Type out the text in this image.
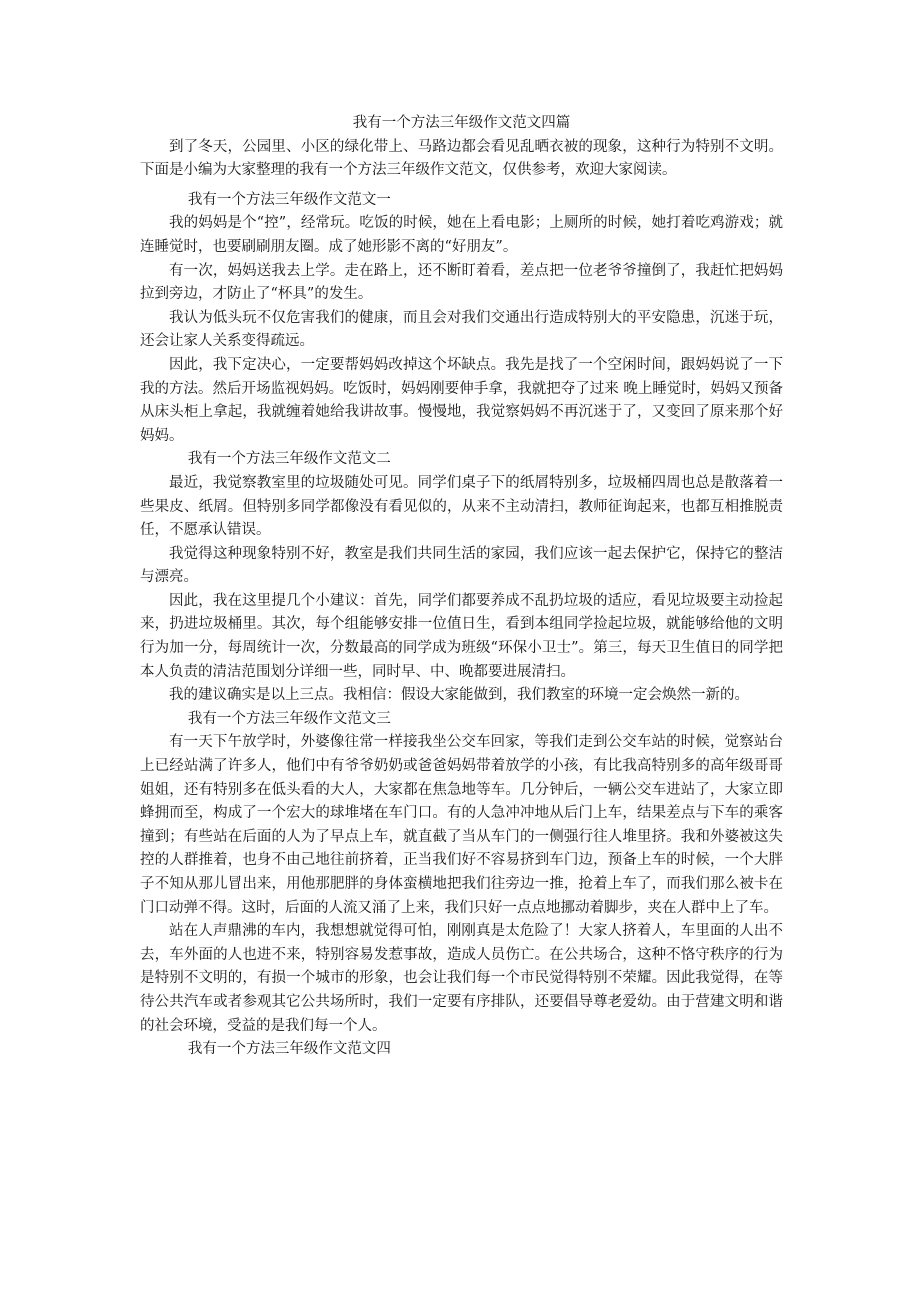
我有一个方法三年级作文范文四篇

到了冬天，公园里、小区的绿化带上、马路边都会看见乱晒衣被的现象，这种行为特别不文明。下面是小编为大家整理的我有一个方法三年级作文范文，仅供参考，欢迎大家阅读。

我有一个方法三年级作文范文一

我的妈妈是个“控”，经常玩。吃饭的时候，她在上看电影；上厕所的时候，她打着吃鸡游戏；就连睡觉时，也要刷刷朋友圈。成了她形影不离的“好朋友”。

有一次，妈妈送我去上学。走在路上，还不断盯着看，差点把一位老爷爷撞倒了，我赶忙把妈妈拉到旁边，才防止了“杯具”的发生。

我认为低头玩不仅危害我们的健康，而且会对我们交通出行造成特别大的平安隐患，沉迷于玩，还会让家人关系变得疏远。

因此，我下定决心，一定要帮妈妈改掉这个坏缺点。我先是找了一个空闲时间，跟妈妈说了一下我的方法。然后开场监视妈妈。吃饭时，妈妈刚要伸手拿，我就把夺了过来 晚上睡觉时，妈妈又预备从床头柜上拿起，我就缠着她给我讲故事。慢慢地，我觉察妈妈不再沉迷于了，又变回了原来那个好妈妈。

我有一个方法三年级作文范文二

最近，我觉察教室里的垃圾随处可见。同学们桌子下的纸屑特别多，垃圾桶四周也总是散落着一些果皮、纸屑。但特别多同学都像没有看见似的，从来不主动清扫，教师征询起来，也都互相推脱责任，不愿承认错误。

我觉得这种现象特别不好，教室是我们共同生活的家园，我们应该一起去保护它，保持它的整洁与漂亮。

因此，我在这里提几个小建议：首先，同学们都要养成不乱扔垃圾的适应，看见垃圾要主动捡起来，扔进垃圾桶里。其次，每个组能够安排一位值日生，看到本组同学捡起垃圾，就能够给他的文明行为加一分，每周统计一次，分数最高的同学成为班级“环保小卫士”。第三，每天卫生值日的同学把本人负责的清洁范围划分详细一些，同时早、中、晚都要进展清扫。

我的建议确实是以上三点。我相信：假设大家能做到，我们教室的环境一定会焕然一新的。

我有一个方法三年级作文范文三

有一天下午放学时，外婆像往常一样接我坐公交车回家，等我们走到公交车站的时候，觉察站台上已经站满了许多人，他们中有爷爷奶奶或爸爸妈妈带着放学的小孩，有比我高特别多的高年级哥哥姐姐，还有特别多在低头看的大人，大家都在焦急地等车。几分钟后，一辆公交车进站了，大家立即蜂拥而至，构成了一个宏大的球堆堵在车门口。有的人急冲冲地从后门上车，结果差点与下车的乘客撞到；有些站在后面的人为了早点上车，就直截了当从车门的一侧强行往人堆里挤。我和外婆被这失控的人群推着，也身不由己地往前挤着，正当我们好不容易挤到车门边，预备上车的时候，一个大胖子不知从那儿冒出来，用他那肥胖的身体蛮横地把我们往旁边一推，抢着上车了，而我们那么被卡在门口动弹不得。这时，后面的人流又涌了上来，我们只好一点点地挪动着脚步，夹在人群中上了车。

站在人声鼎沸的车内，我想想就觉得可怕，刚刚真是太危险了！大家人挤着人，车里面的人出不去，车外面的人也进不来，特别容易发惹事故，造成人员伤亡。在公共场合，这种不恪守秩序的行为是特别不文明的，有损一个城市的形象，也会让我们每一个市民觉得特别不荣耀。因此我觉得，在等待公共汽车或者参观其它公共场所时，我们一定要有序排队，还要倡导尊老爱幼。由于营建文明和谐的社会环境，受益的是我们每一个人。

我有一个方法三年级作文范文四
